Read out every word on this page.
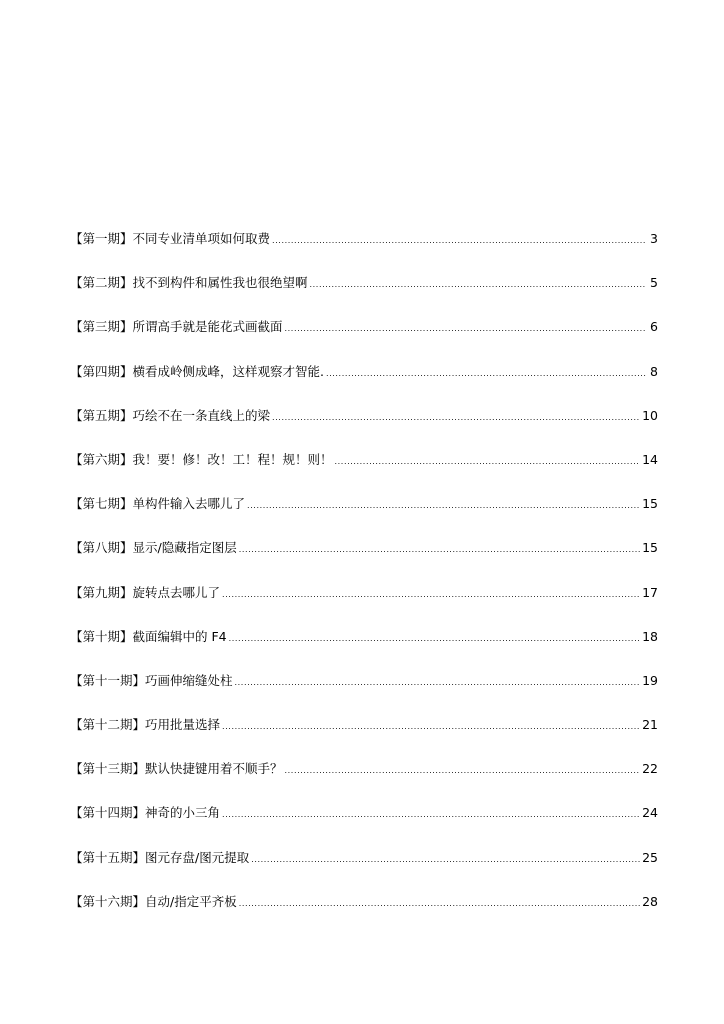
【第一期】不同专业清单项如何取费 .....	3
【第二期】找不到构件和属性我也很绝望啊 .....	5
【第三期】所谓高手就是能花式画截面 .....	6
【第四期】横看成岭侧成峰，这样观察才智能. .....	8
【第五期】巧绘不在一条直线上的梁 .....	10
【第六期】我！要！修！改！工！程！规！则！ .....	14
【第七期】单构件输入去哪儿了 .....	15
【第八期】显示/隐藏指定图层 .....	15
【第九期】旋转点去哪儿了 .....	17
【第十期】截面编辑中的 F4 .....	18
【第十一期】巧画伸缩缝处柱 .....	19
【第十二期】巧用批量选择 .....	21
【第十三期】默认快捷键用着不顺手？ .....	22
【第十四期】神奇的小三角 .....	24
【第十五期】图元存盘/图元提取 .....	25
【第十六期】自动/指定平齐板 .....	28
